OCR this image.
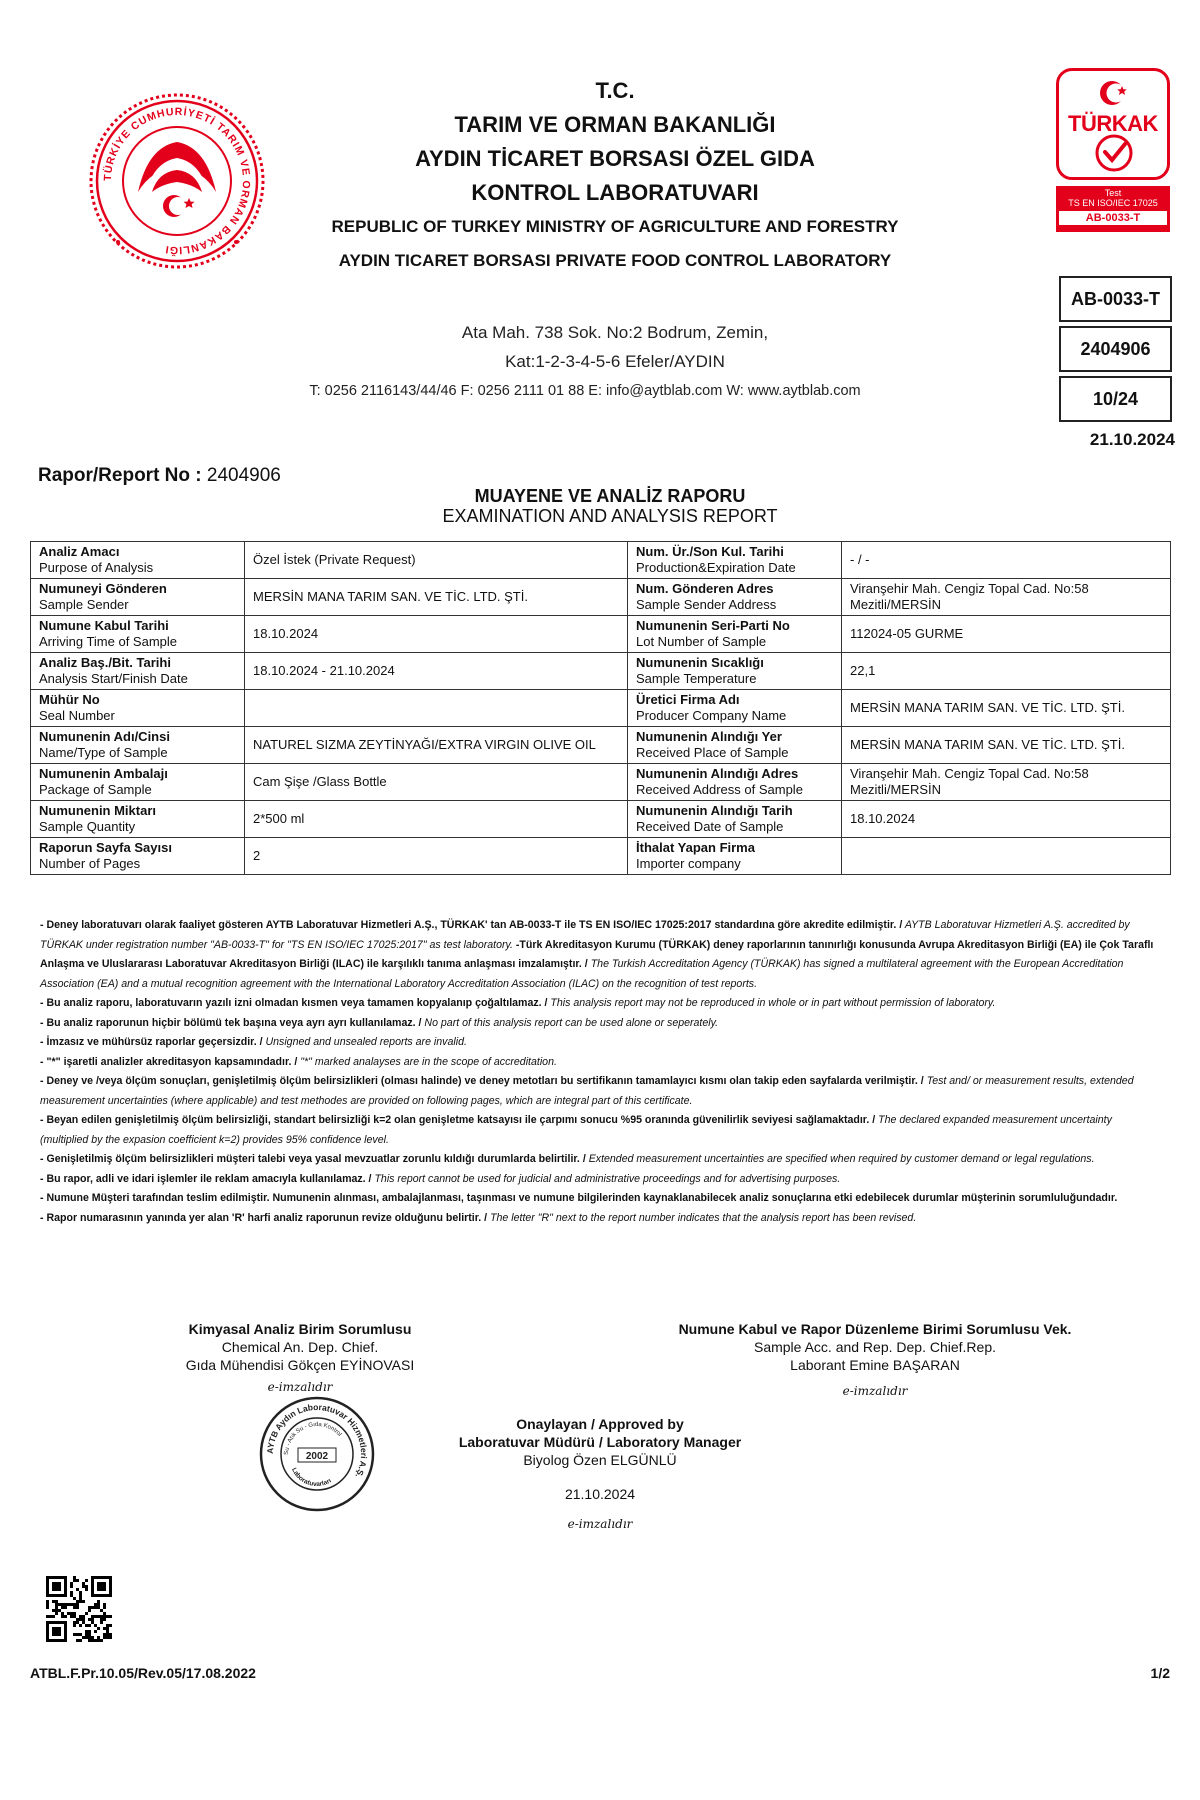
TÜRKİYE CUMHURİYETİ TARIM VE ORMAN BAKANLIĞI
T.C.
TARIM VE ORMAN BAKANLIĞI
AYDIN TİCARET BORSASI ÖZEL GIDA
KONTROL LABORATUVARI
REPUBLIC OF TURKEY MINISTRY OF AGRICULTURE AND FORESTRY
AYDIN TICARET BORSASI PRIVATE FOOD CONTROL LABORATORY
Ata Mah. 738 Sok. No:2 Bodrum, Zemin,
Kat:1-2-3-4-5-6 Efeler/AYDIN
T: 0256 2116143/44/46 F: 0256 2111 01 88 E: info@aytblab.com W: www.aytblab.com
TÜRKAK
Test
TS EN ISO/IEC 17025
AB-0033-T
AB-0033-T
2404906
10/24
21.10.2024
Rapor/Report No : 2404906
MUAYENE VE ANALİZ RAPORU
EXAMINATION AND ANALYSIS REPORT
Analiz Amacı
Purpose of Analysis	Özel İstek (Private Request)	Num. Ür./Son Kul. Tarihi
Production&Expiration Date	- / -

Numuneyi Gönderen
Sample Sender	MERSİN MANA TARIM SAN. VE TİC. LTD. ŞTİ.	Num. Gönderen Adres
Sample Sender Address	Viranşehir Mah. Cengiz Topal Cad. No:58 Mezitli/MERSİN

Numune Kabul Tarihi
Arriving Time of Sample	18.10.2024	Numunenin Seri-Parti No
Lot Number of Sample	112024-05 GURME

Analiz Baş./Bit. Tarihi
Analysis Start/Finish Date	18.10.2024 - 21.10.2024	Numunenin Sıcaklığı
Sample Temperature	22,1

Mühür No
Seal Number		Üretici Firma Adı
Producer Company Name	MERSİN MANA TARIM SAN. VE TİC. LTD. ŞTİ.

Numunenin Adı/Cinsi
Name/Type of Sample	NATUREL SIZMA ZEYTİNYAĞI/EXTRA VIRGIN OLIVE OIL	Numunenin Alındığı Yer
Received Place of Sample	MERSİN MANA TARIM SAN. VE TİC. LTD. ŞTİ.

Numunenin Ambalajı
Package of Sample	Cam Şişe /Glass Bottle	Numunenin Alındığı Adres
Received Address of Sample	Viranşehir Mah. Cengiz Topal Cad. No:58 Mezitli/MERSİN

Numunenin Miktarı
Sample Quantity	2*500 ml	Numunenin Alındığı Tarih
Received Date of Sample	18.10.2024

Raporun Sayfa Sayısı
Number of Pages	2	İthalat Yapan Firma
Importer company	

- Deney laboratuvarı olarak faaliyet gösteren AYTB Laboratuvar Hizmetleri A.Ş., TÜRKAK' tan AB-0033-T ile TS EN ISO/IEC 17025:2017 standardına göre akredite edilmiştir. / AYTB Laboratuvar Hizmetleri A.Ş. accredited by TÜRKAK under registration number "AB-0033-T" for "TS EN ISO/IEC 17025:2017" as test laboratory. -Türk Akreditasyon Kurumu (TÜRKAK) deney raporlarının tanınırlığı konusunda Avrupa Akreditasyon Birliği (EA) ile Çok Taraflı Anlaşma ve Uluslararası Laboratuvar Akreditasyon Birliği (ILAC) ile karşılıklı tanıma anlaşması imzalamıştır. / The Turkish Accreditation Agency (TÜRKAK) has signed a multilateral agreement with the European Accreditation Association (EA) and a mutual recognition agreement with the International Laboratory Accreditation Association (ILAC) on the recognition of test reports.

- Bu analiz raporu, laboratuvarın yazılı izni olmadan kısmen veya tamamen kopyalanıp çoğaltılamaz. / This analysis report may not be reproduced in whole or in part without permission of laboratory.

- Bu analiz raporunun hiçbir bölümü tek başına veya ayrı ayrı kullanılamaz. / No part of this analysis report can be used alone or seperately.

- İmzasız ve mühürsüz raporlar geçersizdir. / Unsigned and unsealed reports are invalid.

- "*" işaretli analizler akreditasyon kapsamındadır. / "*" marked analayses are in the scope of accreditation.

- Deney ve /veya ölçüm sonuçları, genişletilmiş ölçüm belirsizlikleri (olması halinde) ve deney metotları bu sertifikanın tamamlayıcı kısmı olan takip eden sayfalarda verilmiştir. / Test and/ or measurement results, extended measurement uncertainties (where applicable) and test methodes are provided on following pages, which are integral part of this certificate.

- Beyan edilen genişletilmiş ölçüm belirsizliği, standart belirsizliği k=2 olan genişletme katsayısı ile çarpımı sonucu %95 oranında güvenilirlik seviyesi sağlamaktadır. / The declared expanded measurement uncertainty (multiplied by the expasion coefficient k=2) provides 95% confidence level.

- Genişletilmiş ölçüm belirsizlikleri müşteri talebi veya yasal mevzuatlar zorunlu kıldığı durumlarda belirtilir. / Extended measurement uncertainties are specified when required by customer demand or legal regulations.

- Bu rapor, adli ve idari işlemler ile reklam amacıyla kullanılamaz. / This report cannot be used for judicial and administrative proceedings and for advertising purposes.

- Numune Müşteri tarafından teslim edilmiştir. Numunenin alınması, ambalajlanması, taşınması ve numune bilgilerinden kaynaklanabilecek analiz sonuçlarına etki edebilecek durumlar müşterinin sorumluluğundadır.

- Rapor numarasının yanında yer alan 'R' harfi analiz raporunun revize olduğunu belirtir. / The letter "R" next to the report number indicates that the analysis report has been revised.

Kimyasal Analiz Birim Sorumlusu
Chemical An. Dep. Chief.
Gıda Mühendisi Gökçen EYİNOVASI
e-imzalıdır
Numune Kabul ve Rapor Düzenleme Birimi Sorumlusu Vek.
Sample Acc. and Rep. Dep. Chief.Rep.
Laborant Emine BAŞARAN
e-imzalıdır
Onaylayan / Approved by
Laboratuvar Müdürü / Laboratory Manager
Biyolog Özen ELGÜNLÜ
21.10.2024
e-imzalıdır
AYTB Aydın Laboratuvar Hizmetleri A.Ş.
Su - Atık Su - Gıda Kontrol
2002
Laboratuvarları
ATBL.F.Pr.10.05/Rev.05/17.08.2022	1/2
